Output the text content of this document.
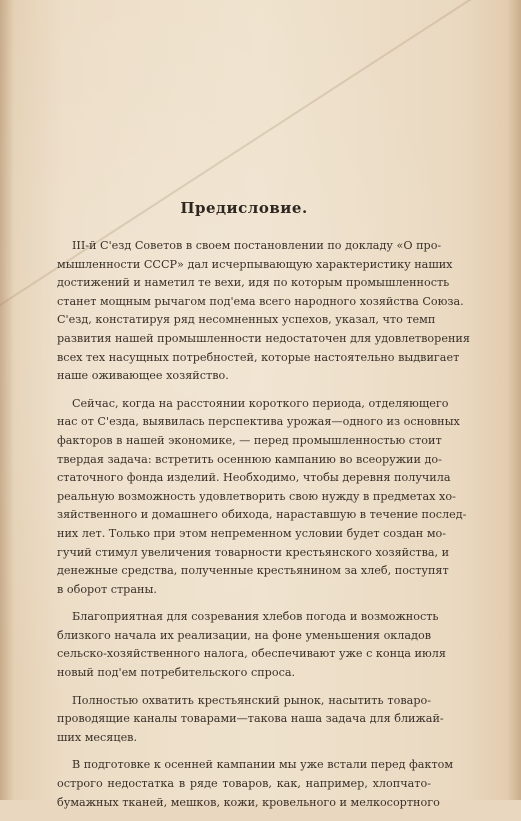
Предисловие.
III-й С'езд Советов в своем постановлении по докладу «О про-
мышленности СССР» дал исчерпывающую характеристику наших
достижений и наметил те вехи, идя по которым промышленность
станет мощным рычагом под'ема всего народного хозяйства Союза.
С'езд, констатируя ряд несомненных успехов, указал, что темп
развития нашей промышленности недостаточен для удовлетворения
всех тех насущных потребностей, которые настоятельно выдвигает
наше оживающее хозяйство.
Сейчас, когда на расстоянии короткого периода, отделяющего
нас от С'езда, выявилась перспектива урожая—одного из основных
факторов в нашей экономике, — перед промышленностью стоит
твердая задача: встретить осеннюю кампанию во всеоружии до-
статочного фонда изделий. Необходимо, чтобы деревня получила
реальную возможность удовлетворить свою нужду в предметах хо-
зяйственного и домашнего обихода, нараставшую в течение послед-
них лет. Только при этом непременном условии будет создан мо-
гучий стимул увеличения товарности крестьянского хозяйства, и
денежные средства, полученные крестьянином за хлеб, поступят
в оборот страны.
Благоприятная для созревания хлебов погода и возможность
близкого начала их реализации, на фоне уменьшения окладов
сельско-хозяйственного налога, обеспечивают уже с конца июля
новый под'ем потребительского спроса.
Полностью охватить крестьянский рынок, насытить товаро-
проводящие каналы товарами—такова наша задача для ближай-
ших месяцев.
В подготовке к осенней кампании мы уже встали перед фактом
острого недостатка в ряде товаров, как, например, хлопчато-
бумажных тканей, мешков, кожи, кровельного и мелкосортного
